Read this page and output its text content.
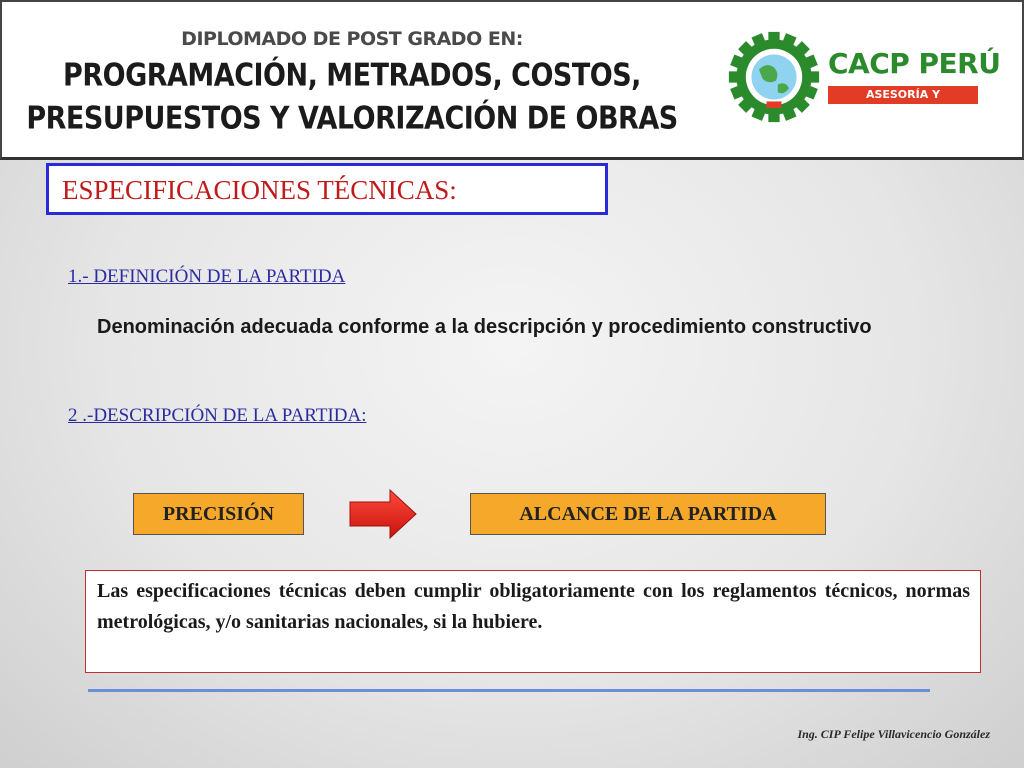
DIPLOMADO DE POST GRADO EN:
PROGRAMACIÓN, METRADOS, COSTOS,
PRESUPUESTOS Y VALORIZACIÓN DE OBRAS
CACP PERÚ
ASESORÍA Y CAPACITACIÓN
ESPECIFICACIONES TÉCNICAS:
1.- DEFINICIÓN DE LA PARTIDA
Denominación adecuada conforme a la descripción y procedimiento constructivo
2 .-DESCRIPCIÓN DE LA PARTIDA:
PRECISIÓN	ALCANCE DE LA PARTIDA
Las especificaciones técnicas deben cumplir obligatoriamente con los reglamentos técnicos, normas metrológicas, y/o sanitarias nacionales, si la hubiere.
Ing. CIP Felipe Villavicencio González
